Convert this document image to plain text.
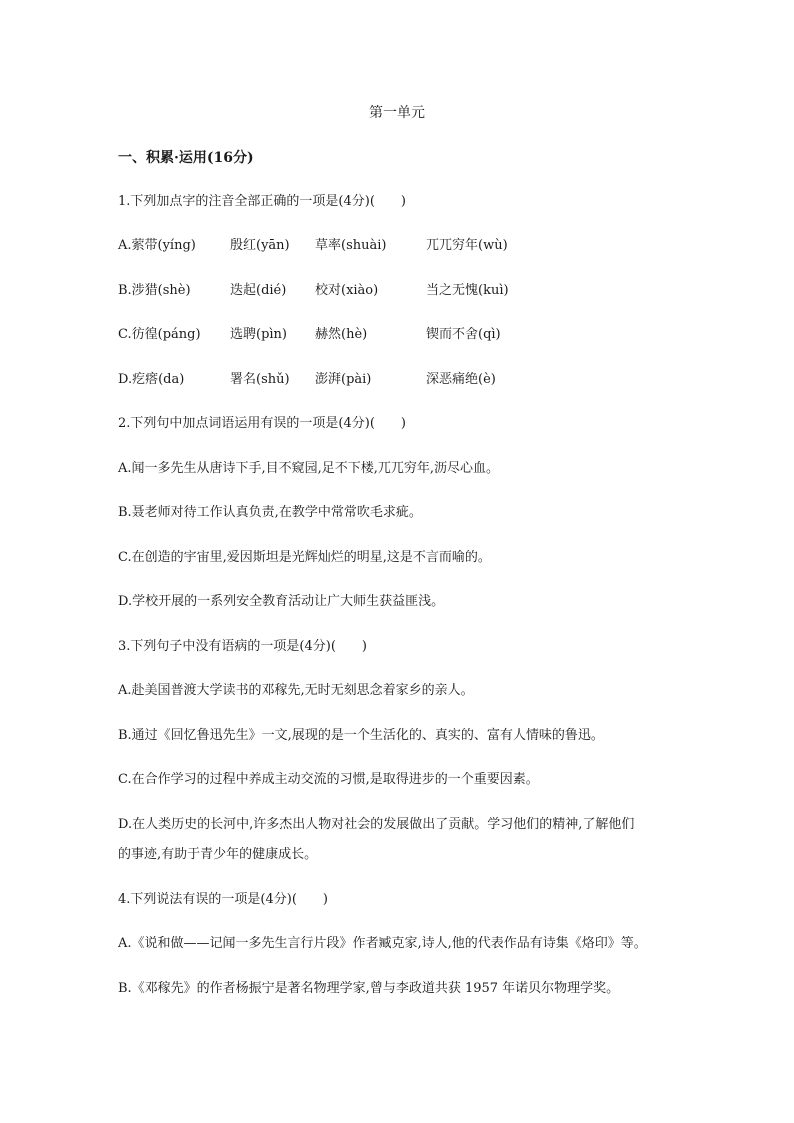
第一单元
一、积累·运用(16分)
1.下列加点字的注音全部正确的一项是(4分)(　　)
A.萦带(yíng)	殷红(yān) 草率(shuài)	兀兀穷年(wù)
B.涉猎(shè)	迭起(dié) 校对(xiào)	当之无愧(kuì)
C.彷徨(páng) 选聘(pìn) 赫然(hè)	锲而不舍(qì)
D.疙瘩(da)	署名(shǔ) 澎湃(pài)	深恶痛绝(è)
2.下列句中加点词语运用有误的一项是(4分)(　　)
A.闻一多先生从唐诗下手,目不窥园,足不下楼,兀兀穷年,沥尽心血。
B.聂老师对待工作认真负责,在教学中常常吹毛求疵。
C.在创造的宇宙里,爱因斯坦是光辉灿烂的明星,这是不言而喻的。
D.学校开展的一系列安全教育活动让广大师生获益匪浅。
3.下列句子中没有语病的一项是(4分)(　　)
A.赴美国普渡大学读书的邓稼先,无时无刻思念着家乡的亲人。
B.通过《回忆鲁迅先生》一文,展现的是一个生活化的、真实的、富有人情味的鲁迅。
C.在合作学习的过程中养成主动交流的习惯,是取得进步的一个重要因素。
D.在人类历史的长河中,许多杰出人物对社会的发展做出了贡献。学习他们的精神,了解他们
的事迹,有助于青少年的健康成长。
4.下列说法有误的一项是(4分)(　　)
A.《说和做——记闻一多先生言行片段》作者臧克家,诗人,他的代表作品有诗集《烙印》等。
B.《邓稼先》的作者杨振宁是著名物理学家,曾与李政道共获 1957 年诺贝尔物理学奖。
